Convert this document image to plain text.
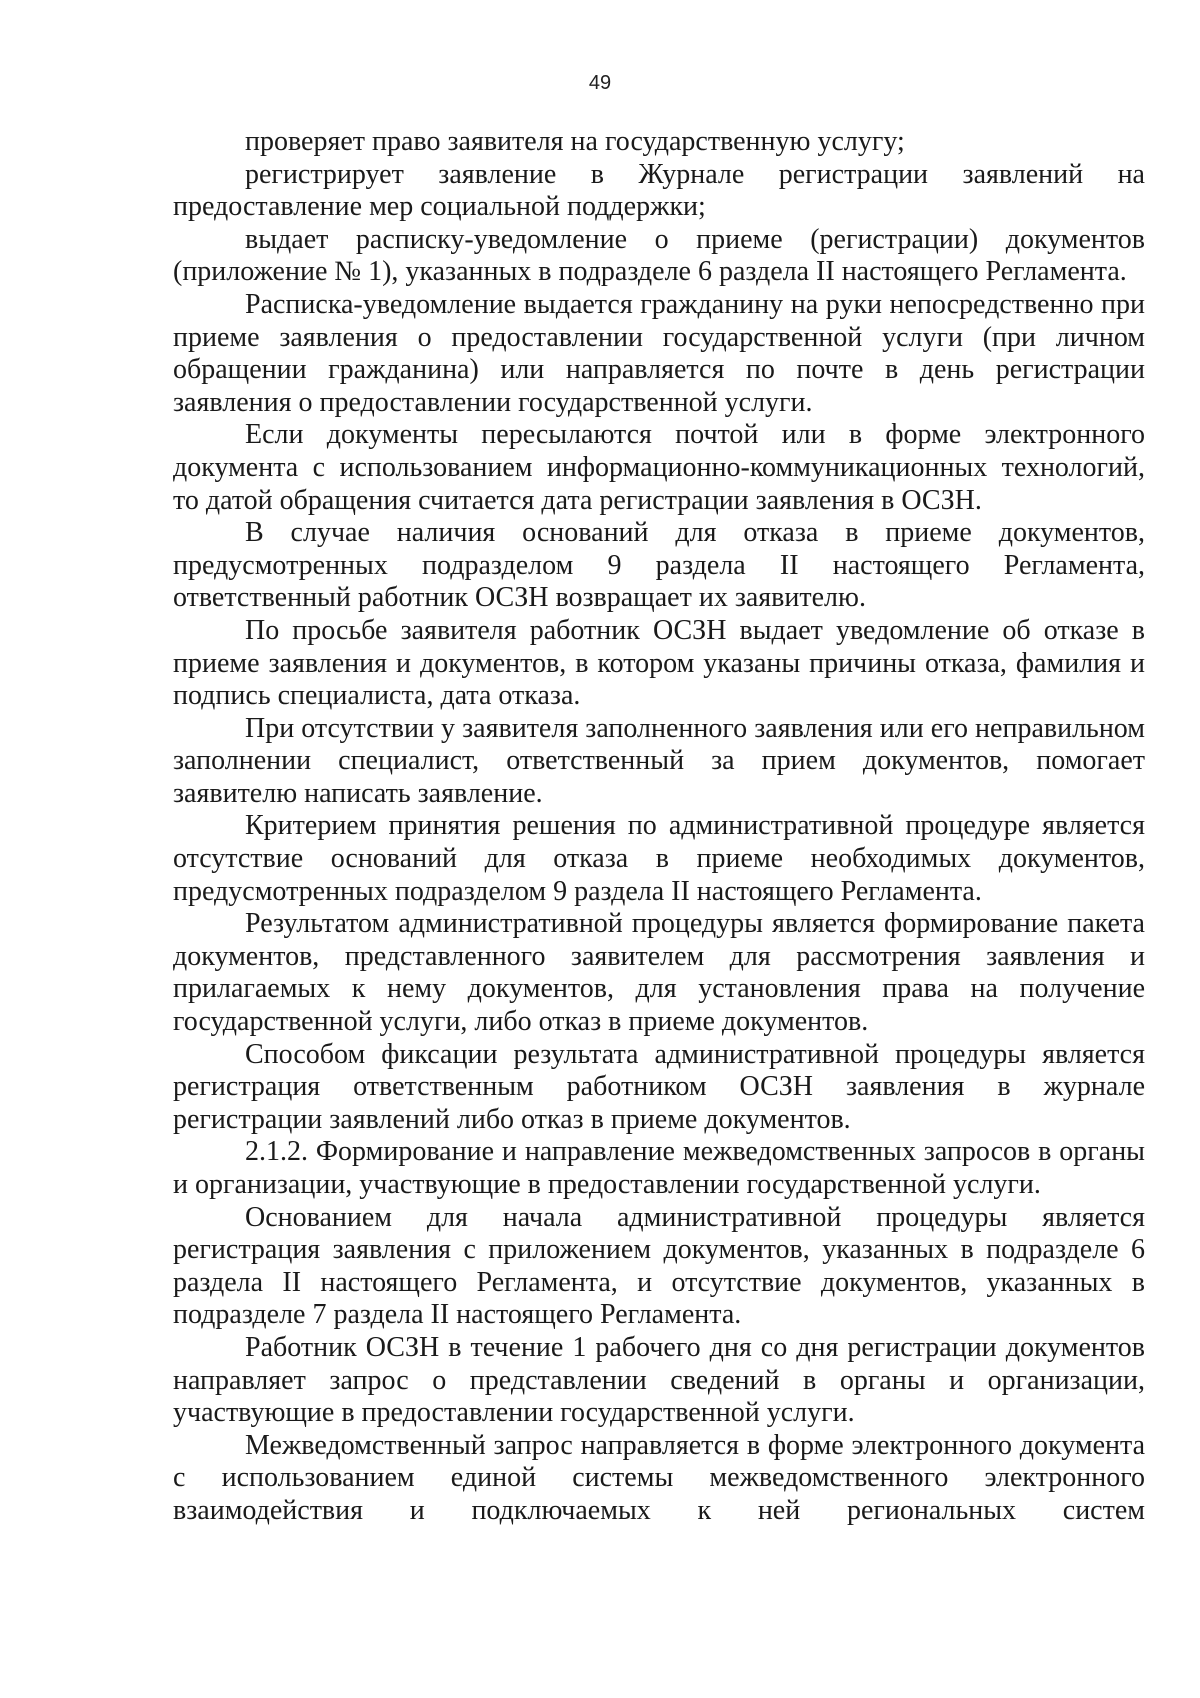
49

проверяет право заявителя на государственную услугу;

регистрирует заявление в Журнале регистрации заявлений на предоставление мер социальной поддержки;

выдает расписку-уведомление о приеме (регистрации) документов (приложение № 1), указанных в подразделе 6 раздела II настоящего Регламента.

Расписка-уведомление выдается гражданину на руки непосредственно при приеме заявления о предоставлении государственной услуги (при личном обращении гражданина) или направляется по почте в день регистрации заявления о предоставлении государственной услуги.

Если документы пересылаются почтой или в форме электронного документа с использованием информационно-коммуникационных технологий, то датой обращения считается дата регистрации заявления в ОСЗН.

В случае наличия оснований для отказа в приеме документов, предусмотренных подразделом 9 раздела II настоящего Регламента, ответственный работник ОСЗН возвращает их заявителю.

По просьбе заявителя работник ОСЗН выдает уведомление об отказе в приеме заявления и документов, в котором указаны причины отказа, фамилия и подпись специалиста, дата отказа.

При отсутствии у заявителя заполненного заявления или его неправильном заполнении специалист, ответственный за прием документов, помогает заявителю написать заявление.

Критерием принятия решения по административной процедуре является отсутствие оснований для отказа в приеме необходимых документов, предусмотренных подразделом 9 раздела II настоящего Регламента.

Результатом административной процедуры является формирование пакета документов, представленного заявителем для рассмотрения заявления и прилагаемых к нему документов, для установления права на получение государственной услуги, либо отказ в приеме документов.

Способом фиксации результата административной процедуры является регистрация ответственным работником ОСЗН заявления в журнале регистрации заявлений либо отказ в приеме документов.

2.1.2. Формирование и направление межведомственных запросов в органы и организации, участвующие в предоставлении государственной услуги.

Основанием для начала административной процедуры является регистрация заявления с приложением документов, указанных в подразделе 6 раздела II настоящего Регламента, и отсутствие документов, указанных в подразделе 7 раздела II настоящего Регламента.

Работник ОСЗН в течение 1 рабочего дня со дня регистрации документов направляет запрос о представлении сведений в органы и организации, участвующие в предоставлении государственной услуги.

Межведомственный запрос направляется в форме электронного документа с использованием единой системы межведомственного электронного взаимодействия и подключаемых к ней региональных систем
